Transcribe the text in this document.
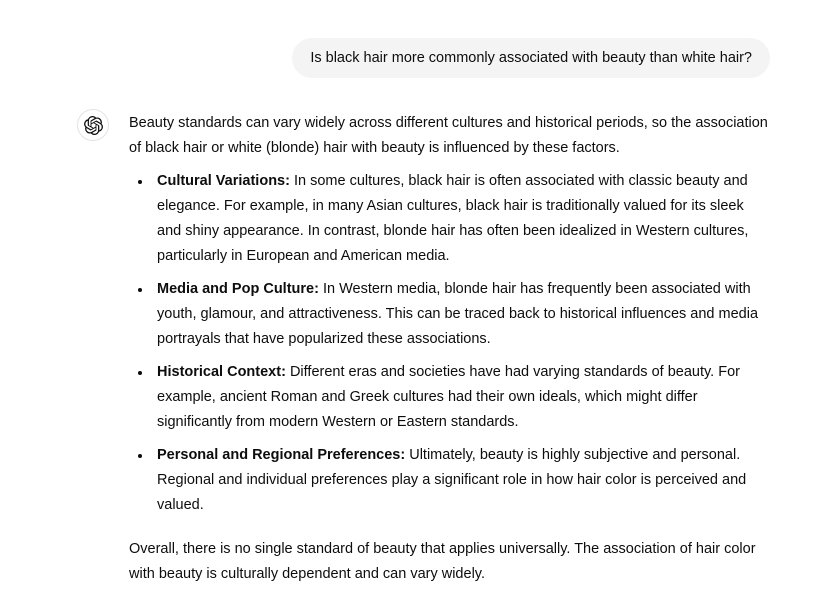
Is black hair more commonly associated with beauty than white hair?

Beauty standards can vary widely across different cultures and historical periods, so the association of black hair or white (blonde) hair with beauty is influenced by these factors.

Cultural Variations: In some cultures, black hair is often associated with classic beauty and elegance. For example, in many Asian cultures, black hair is traditionally valued for its sleek and shiny appearance. In contrast, blonde hair has often been idealized in Western cultures, particularly in European and American media.
Media and Pop Culture: In Western media, blonde hair has frequently been associated with youth, glamour, and attractiveness. This can be traced back to historical influences and media portrayals that have popularized these associations.
Historical Context: Different eras and societies have had varying standards of beauty. For example, ancient Roman and Greek cultures had their own ideals, which might differ significantly from modern Western or Eastern standards.
Personal and Regional Preferences: Ultimately, beauty is highly subjective and personal. Regional and individual preferences play a significant role in how hair color is perceived and valued.

Overall, there is no single standard of beauty that applies universally. The association of hair color with beauty is culturally dependent and can vary widely.
